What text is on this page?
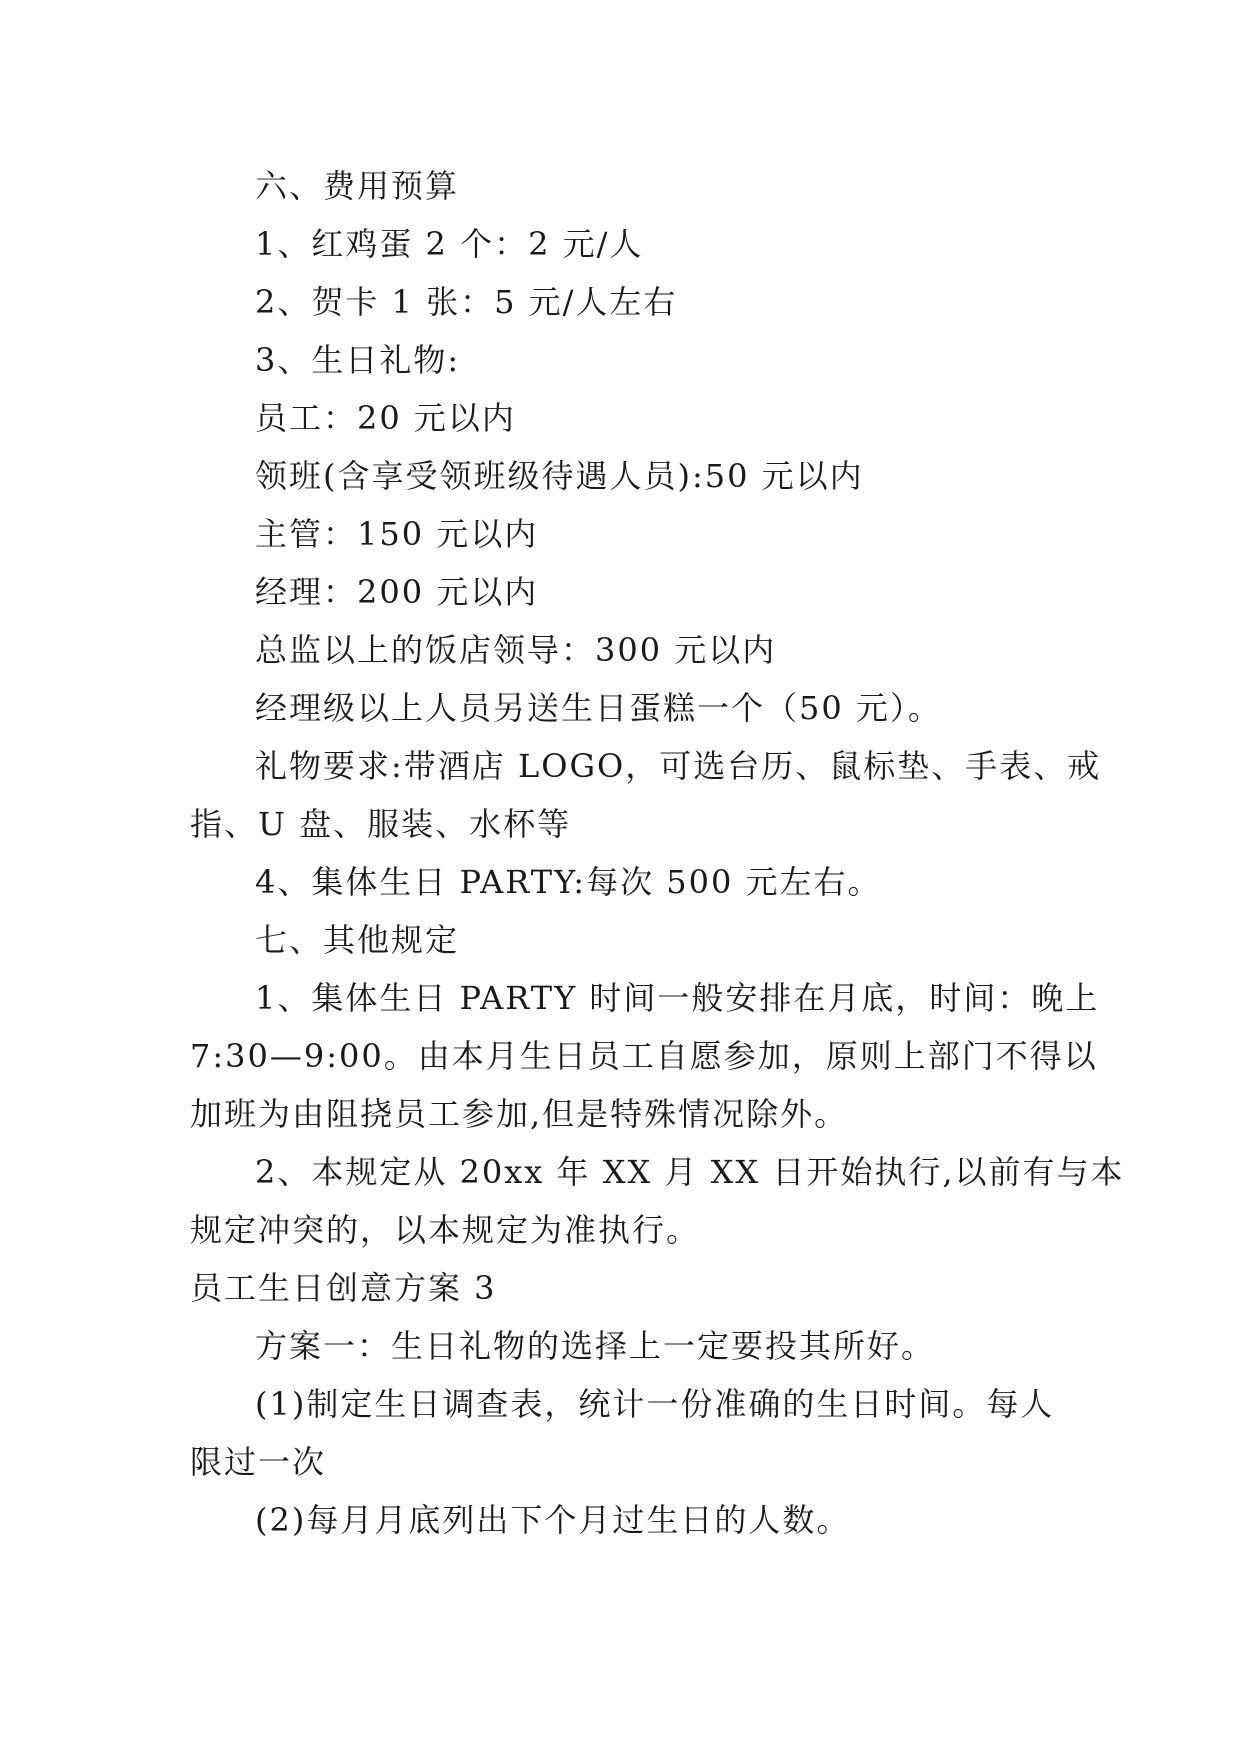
六、费用预算
1、红鸡蛋 2 个：2 元/人
2、贺卡 1 张：5 元/人左右
3、生日礼物:
员工：20 元以内
领班(含享受领班级待遇人员):50 元以内
主管：150 元以内
经理：200 元以内
总监以上的饭店领导：300 元以内
经理级以上人员另送生日蛋糕一个（50 元）。
礼物要求:带酒店 LOGO，可选台历、鼠标垫、手表、戒
指、U 盘、服装、水杯等
4、集体生日 PARTY:每次 500 元左右。
七、其他规定
1、集体生日 PARTY 时间一般安排在月底，时间：晚上
7:30—9:00。由本月生日员工自愿参加，原则上部门不得以
加班为由阻挠员工参加,但是特殊情况除外。
2、本规定从 20xx 年 XX 月 XX 日开始执行,以前有与本
规定冲突的，以本规定为准执行。
员工生日创意方案 3
方案一：生日礼物的选择上一定要投其所好。
(1)制定生日调查表，统计一份准确的生日时间。每人
限过一次
(2)每月月底列出下个月过生日的人数。
